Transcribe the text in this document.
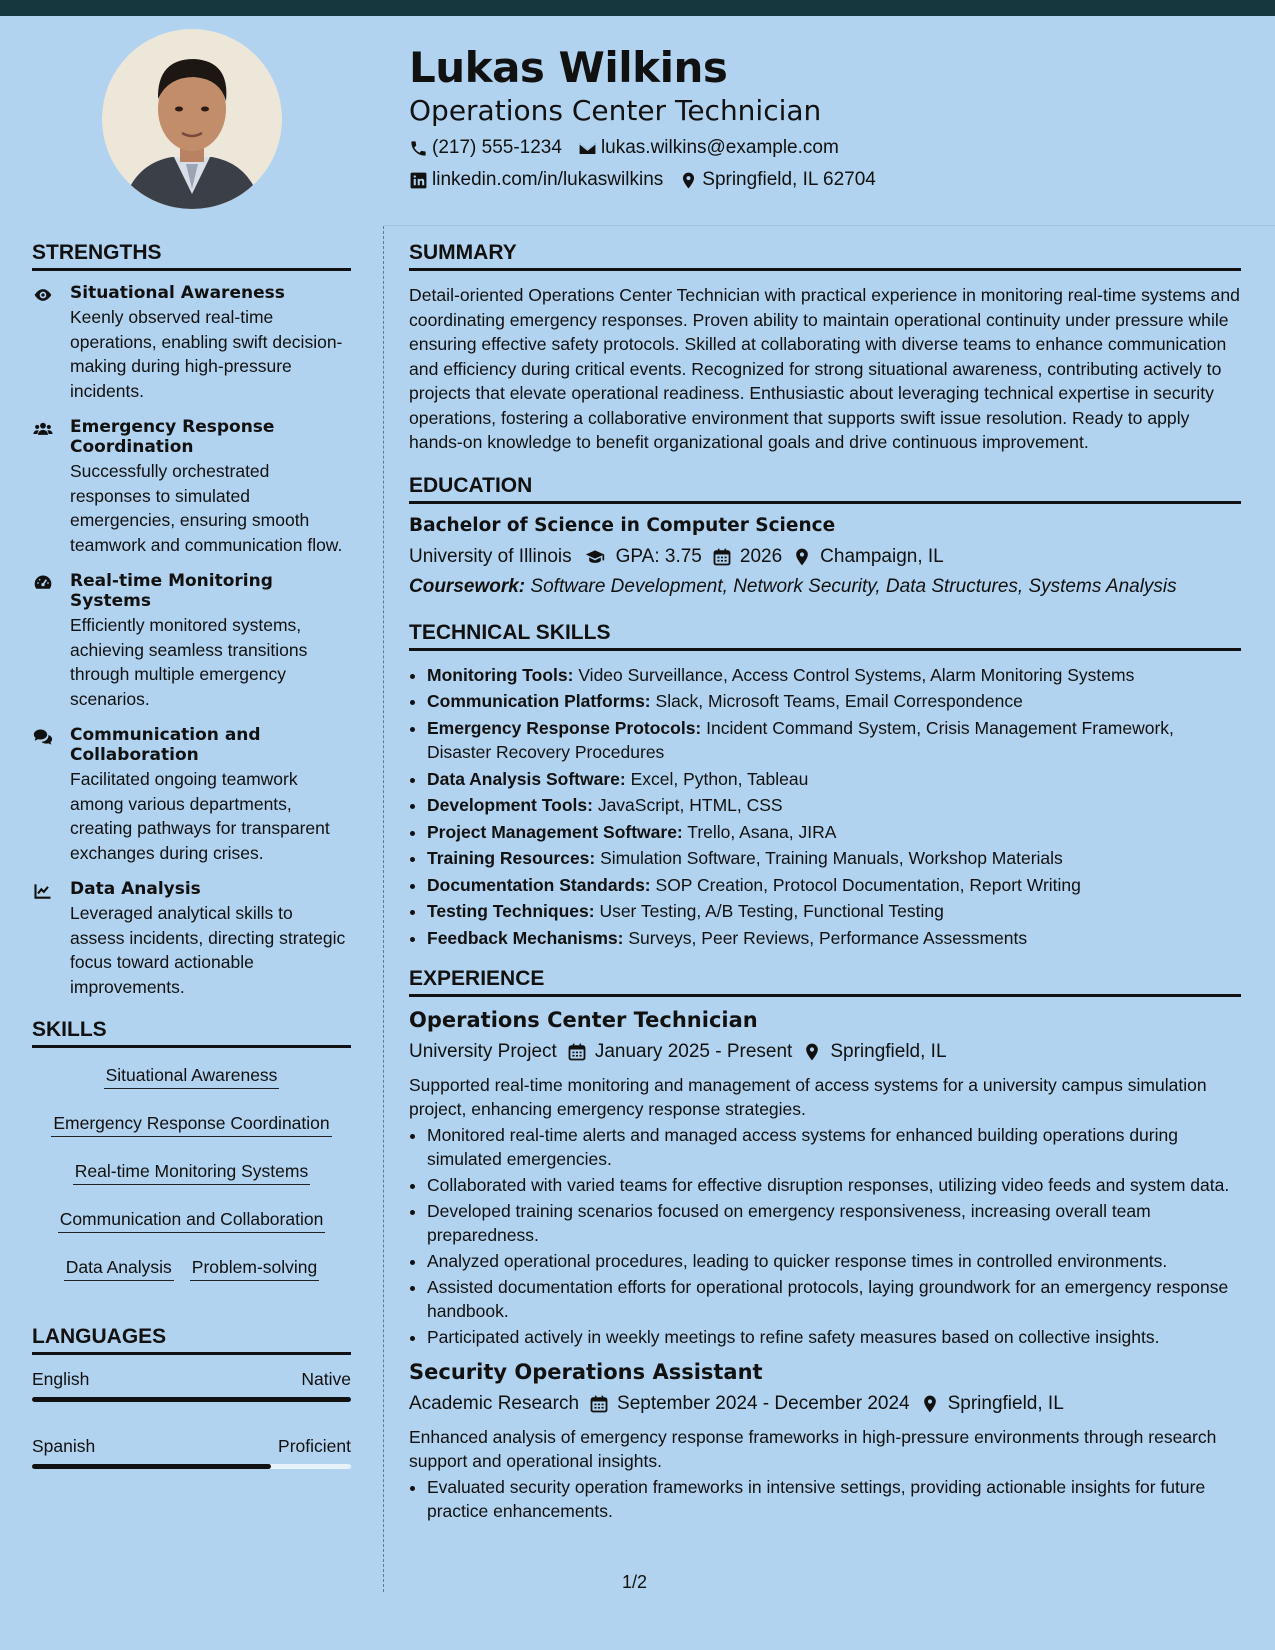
Lukas Wilkins
Operations Center Technician
(217) 555-1234 lukas.wilkins@example.com
linkedin.com/in/lukaswilkins Springfield, IL 62704
STRENGTHS
Situational Awareness
Keenly observed real-time operations, enabling swift decision-making during high-pressure incidents.
Emergency Response Coordination
Successfully orchestrated responses to simulated emergencies, ensuring smooth teamwork and communication flow.
Real-time Monitoring Systems
Efficiently monitored systems, achieving seamless transitions through multiple emergency scenarios.
Communication and Collaboration
Facilitated ongoing teamwork among various departments, creating pathways for transparent exchanges during crises.
Data Analysis
Leveraged analytical skills to assess incidents, directing strategic focus toward actionable improvements.
SKILLS
Situational Awareness
Emergency Response Coordination
Real-time Monitoring Systems
Communication and Collaboration
Data Analysis Problem-solving
LANGUAGES
English	Native
Spanish	Proficient
SUMMARY

Detail-oriented Operations Center Technician with practical experience in monitoring real-time systems and coordinating emergency responses. Proven ability to maintain operational continuity under pressure while ensuring effective safety protocols. Skilled at collaborating with diverse teams to enhance communication and efficiency during critical events. Recognized for strong situational awareness, contributing actively to projects that elevate operational readiness. Enthusiastic about leveraging technical expertise in security operations, fostering a collaborative environment that supports swift issue resolution. Ready to apply hands-on knowledge to benefit organizational goals and drive continuous improvement.

EDUCATION
Bachelor of Science in Computer Science
University of Illinois GPA: 3.75 2026 Champaign, IL
Coursework: Software Development, Network Security, Data Structures, Systems Analysis
TECHNICAL SKILLS
• Monitoring Tools: Video Surveillance, Access Control Systems, Alarm Monitoring Systems
• Communication Platforms: Slack, Microsoft Teams, Email Correspondence
• Emergency Response Protocols: Incident Command System, Crisis Management Framework, Disaster Recovery Procedures
• Data Analysis Software: Excel, Python, Tableau
• Development Tools: JavaScript, HTML, CSS
• Project Management Software: Trello, Asana, JIRA
• Training Resources: Simulation Software, Training Manuals, Workshop Materials
• Documentation Standards: SOP Creation, Protocol Documentation, Report Writing
• Testing Techniques: User Testing, A/B Testing, Functional Testing
• Feedback Mechanisms: Surveys, Peer Reviews, Performance Assessments
EXPERIENCE
Operations Center Technician
University Project January 2025 - Present Springfield, IL
Supported real-time monitoring and management of access systems for a university campus simulation project, enhancing emergency response strategies.
• Monitored real-time alerts and managed access systems for enhanced building operations during simulated emergencies.
• Collaborated with varied teams for effective disruption responses, utilizing video feeds and system data.
• Developed training scenarios focused on emergency responsiveness, increasing overall team preparedness.
• Analyzed operational procedures, leading to quicker response times in controlled environments.
• Assisted documentation efforts for operational protocols, laying groundwork for an emergency response handbook.
• Participated actively in weekly meetings to refine safety measures based on collective insights.
Security Operations Assistant
Academic Research September 2024 - December 2024 Springfield, IL
Enhanced analysis of emergency response frameworks in high-pressure environments through research support and operational insights.
• Evaluated security operation frameworks in intensive settings, providing actionable insights for future practice enhancements.
1/2
